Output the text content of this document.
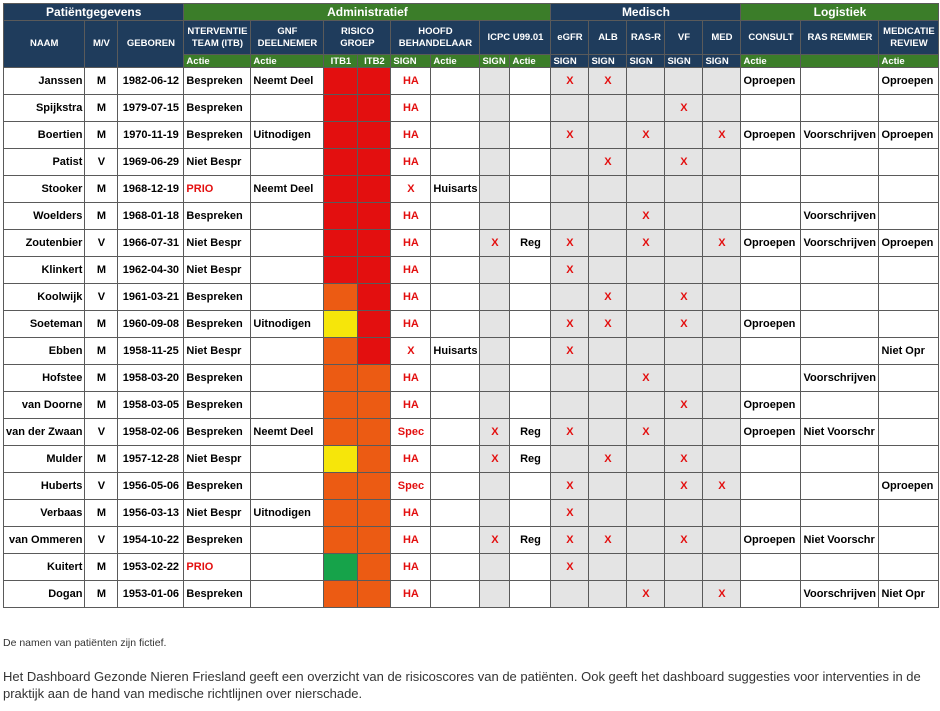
Patiëntgegevens			Administratief								Medisch					Logistiek		
NAAM	M/V	GEBOREN	NTERVENTIE TEAM (ITB)	GNF DEELNEMER	RISICO GROEP		HOOFD BEHANDELAAR		ICPC U99.01		eGFR	ALB	RAS-R	VF	MED	CONSULT	RAS REMMER	MEDICATIE REVIEW
			Actie	Actie	ITB1	ITB2	SIGN	Actie	SIGN	Actie	SIGN	SIGN	SIGN	SIGN	SIGN	Actie		Actie
Janssen	M	1982-06-12	Bespreken	Neemt Deel			HA				X	X				Oproepen		Oproepen
Spijkstra	M	1979-07-15	Bespreken				HA							X				
Boertien	M	1970-11-19	Bespreken	Uitnodigen			HA				X		X		X	Oproepen	Voorschrijven	Oproepen
Patist	V	1969-06-29	Niet Bespr				HA					X		X				
Stooker	M	1968-12-19	PRIO	Neemt Deel			X	Huisarts										
Woelders	M	1968-01-18	Bespreken				HA						X				Voorschrijven	
Zoutenbier	V	1966-07-31	Niet Bespr				HA		X	Reg	X		X		X	Oproepen	Voorschrijven	Oproepen
Klinkert	M	1962-04-30	Niet Bespr				HA				X							
Koolwijk	V	1961-03-21	Bespreken				HA					X		X				
Soeteman	M	1960-09-08	Bespreken	Uitnodigen			HA				X	X		X		Oproepen		
Ebben	M	1958-11-25	Niet Bespr				X	Huisarts			X							Niet Opr
Hofstee	M	1958-03-20	Bespreken				HA						X				Voorschrijven	
van Doorne	M	1958-03-05	Bespreken				HA							X		Oproepen		
van der Zwaan	V	1958-02-06	Bespreken	Neemt Deel			Spec		X	Reg	X		X			Oproepen	Niet Voorschr	
Mulder	M	1957-12-28	Niet Bespr				HA		X	Reg		X		X				
Huberts	V	1956-05-06	Bespreken				Spec				X			X	X			Oproepen
Verbaas	M	1956-03-13	Niet Bespr	Uitnodigen			HA				X							
van Ommeren	V	1954-10-22	Bespreken				HA		X	Reg	X	X		X		Oproepen	Niet Voorschr	
Kuitert	M	1953-02-22	PRIO				HA				X							
Dogan	M	1953-01-06	Bespreken				HA						X		X		Voorschrijven	Niet Opr
De namen van patiënten zijn fictief.
Het Dashboard Gezonde Nieren Friesland geeft een overzicht van de risicoscores van de patiënten. Ook geeft het dashboard suggesties voor interventies in de praktijk aan de hand van medische richtlijnen over nierschade.
